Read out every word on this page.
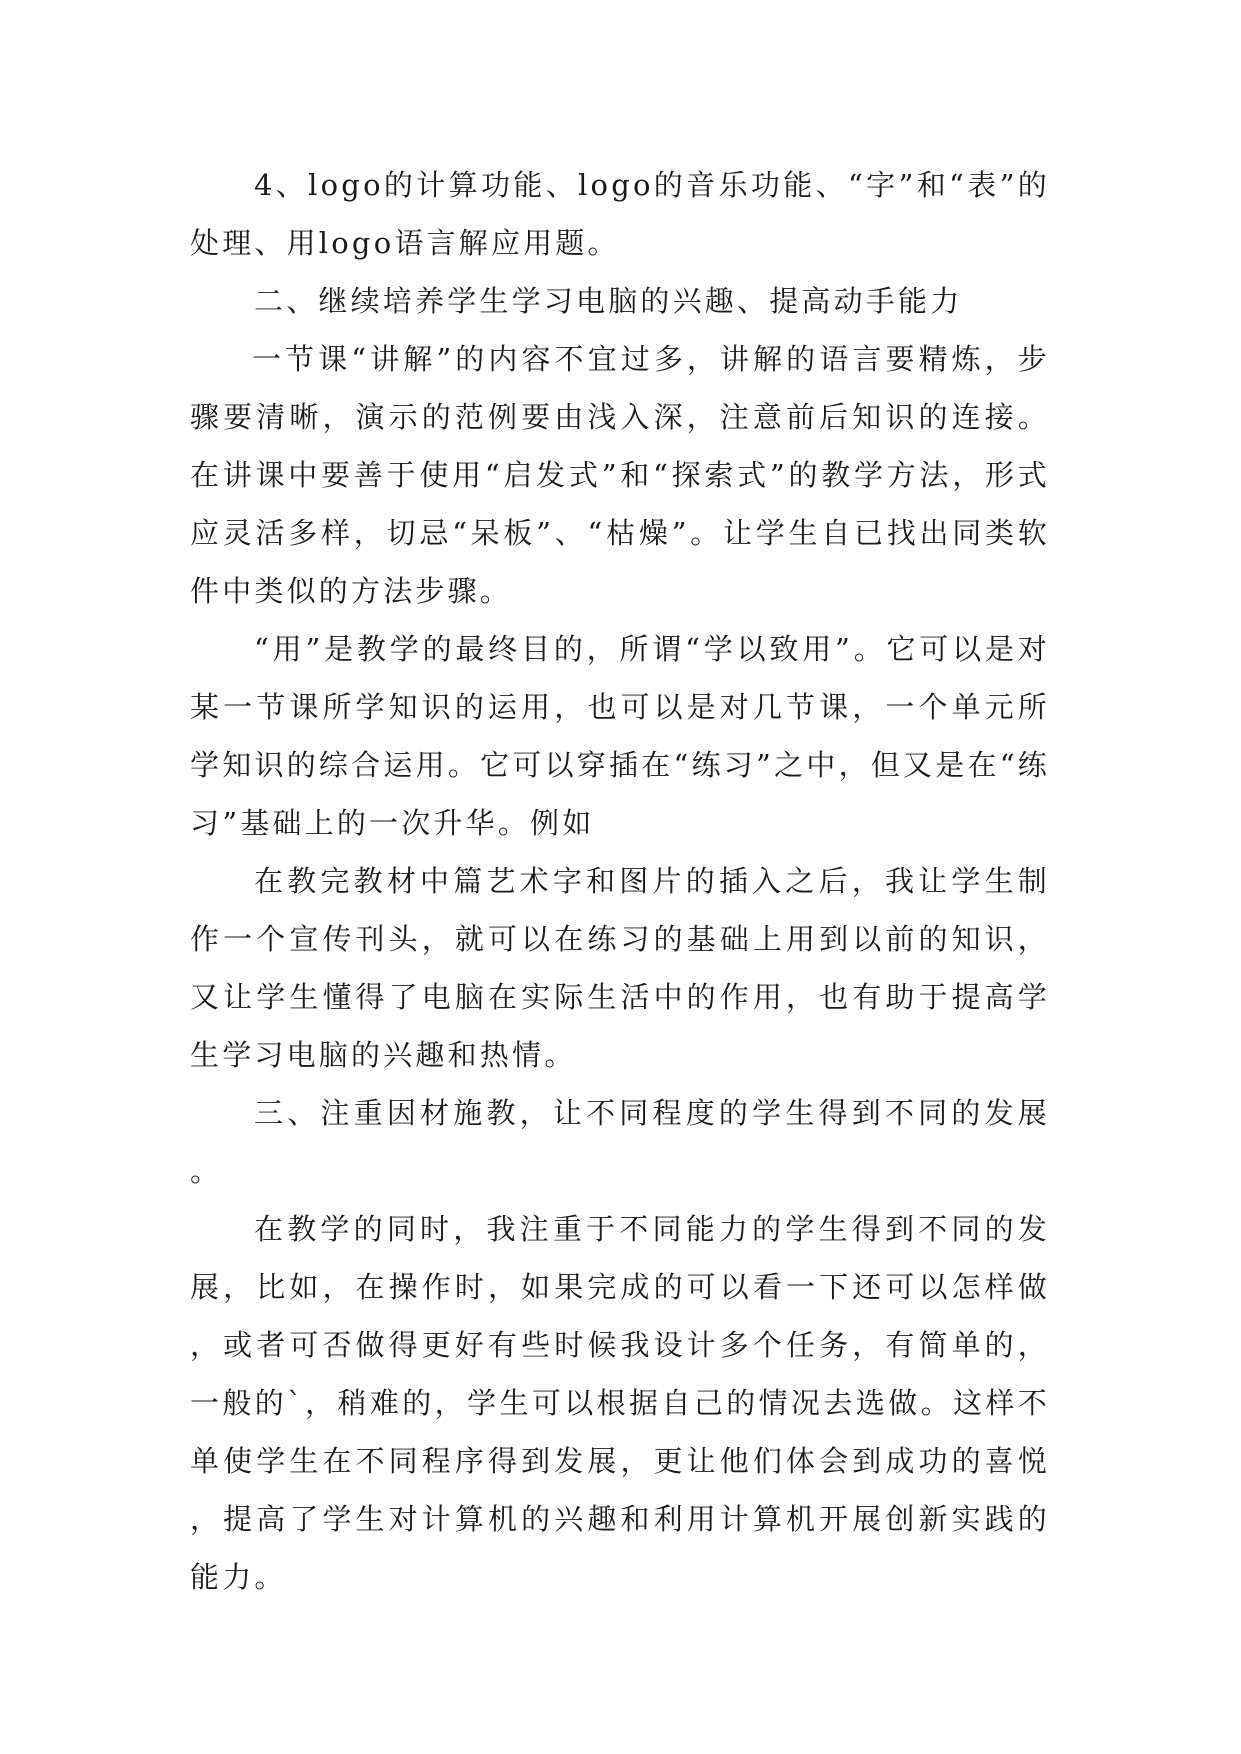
4、logo的计算功能、logo的音乐功能、“字”和“表”的处理、用logo语言解应用题。

二、继续培养学生学习电脑的兴趣、提高动手能力

一节课“讲解”的内容不宜过多，讲解的语言要精炼，步骤要清晰，演示的范例要由浅入深，注意前后知识的连接。在讲课中要善于使用“启发式”和“探索式”的教学方法，形式应灵活多样，切忌“呆板”、“枯燥”。让学生自已找出同类软件中类似的方法步骤。

“用”是教学的最终目的，所谓“学以致用”。它可以是对某一节课所学知识的运用，也可以是对几节课，一个单元所学知识的综合运用。它可以穿插在“练习”之中，但又是在“练习”基础上的一次升华。例如

在教完教材中篇艺术字和图片的插入之后，我让学生制作一个宣传刊头，就可以在练习的基础上用到以前的知识，又让学生懂得了电脑在实际生活中的作用，也有助于提高学生学习电脑的兴趣和热情。

三、注重因材施教，让不同程度的学生得到不同的发展。

在教学的同时，我注重于不同能力的学生得到不同的发展，比如，在操作时，如果完成的可以看一下还可以怎样做，或者可否做得更好有些时候我设计多个任务，有简单的，一般的`，稍难的，学生可以根据自己的情况去选做。这样不单使学生在不同程序得到发展，更让他们体会到成功的喜悦，提高了学生对计算机的兴趣和利用计算机开展创新实践的能力。
